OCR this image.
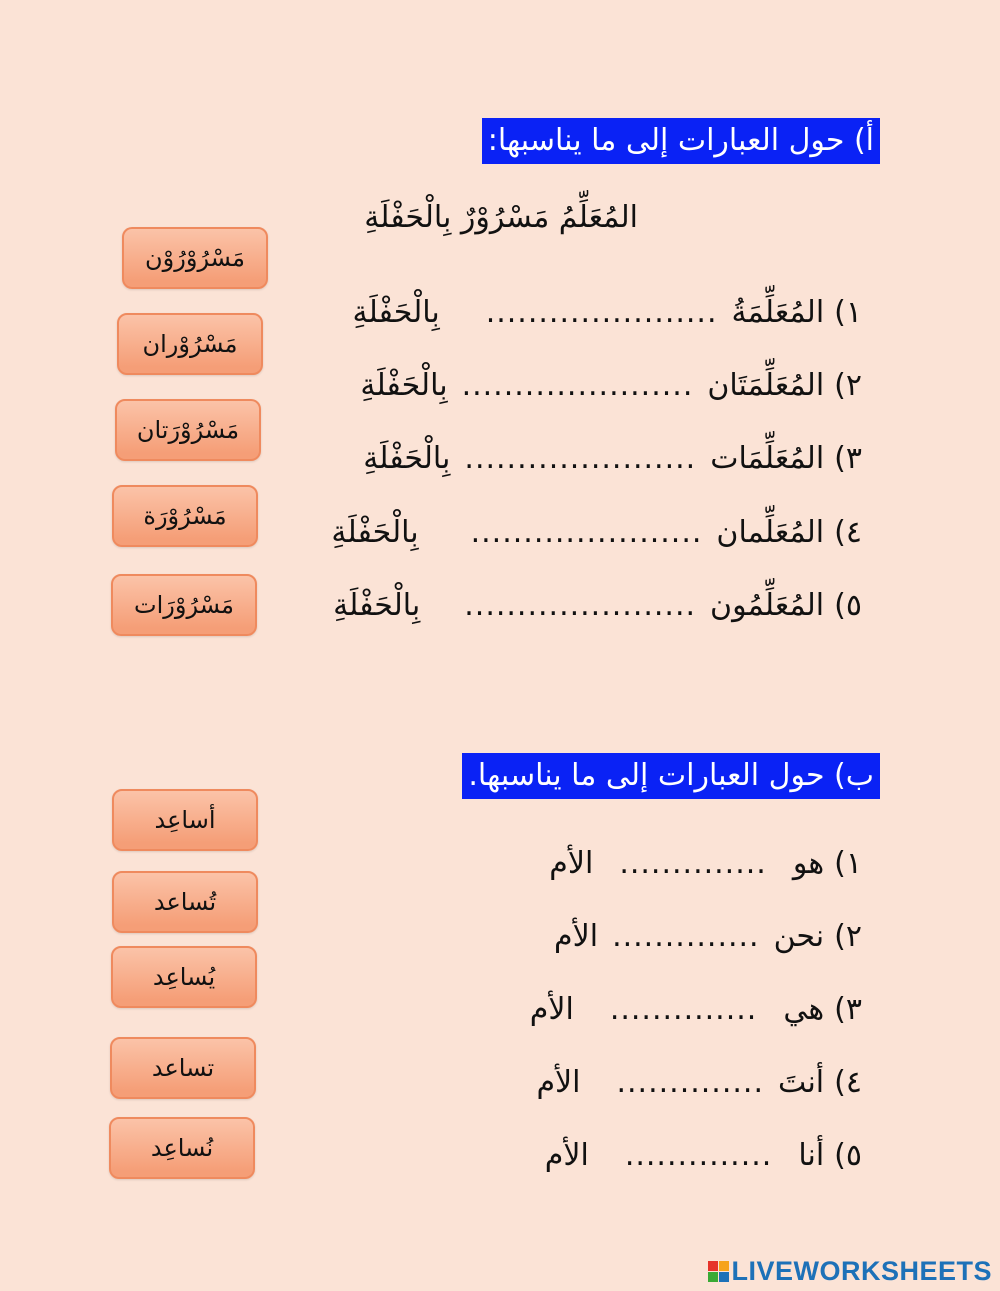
أ) حول العبارات إلى ما يناسبها:
المُعَلِّمُ مَسْرُوْرٌ بِالْحَفْلَةِ
١)
المُعَلِّمَةُ
......................
بِالْحَفْلَةِ
٢)
المُعَلِّمَتَان
......................
بِالْحَفْلَةِ
٣)
المُعَلِّمَات
......................
بِالْحَفْلَةِ
٤)
المُعَلِّمان
......................
بِالْحَفْلَةِ
٥)
المُعَلِّمُون
......................
بِالْحَفْلَةِ
مَسْرُوْرُوْن
مَسْرُوْران
مَسْرُوْرَتان
مَسْرُوْرَة
مَسْرُوْرَات
ب) حول العبارات إلى ما يناسبها.
١)
هو
..............
الأم
٢)
نحن
..............
الأم
٣)
هي
..............
الأم
٤)
أنتَ
..............
الأم
٥)
أنا
..............
الأم
أساعِد
تُساعد
يُساعِد
تساعد
نُساعِد
LIVEWORKSHEETS
